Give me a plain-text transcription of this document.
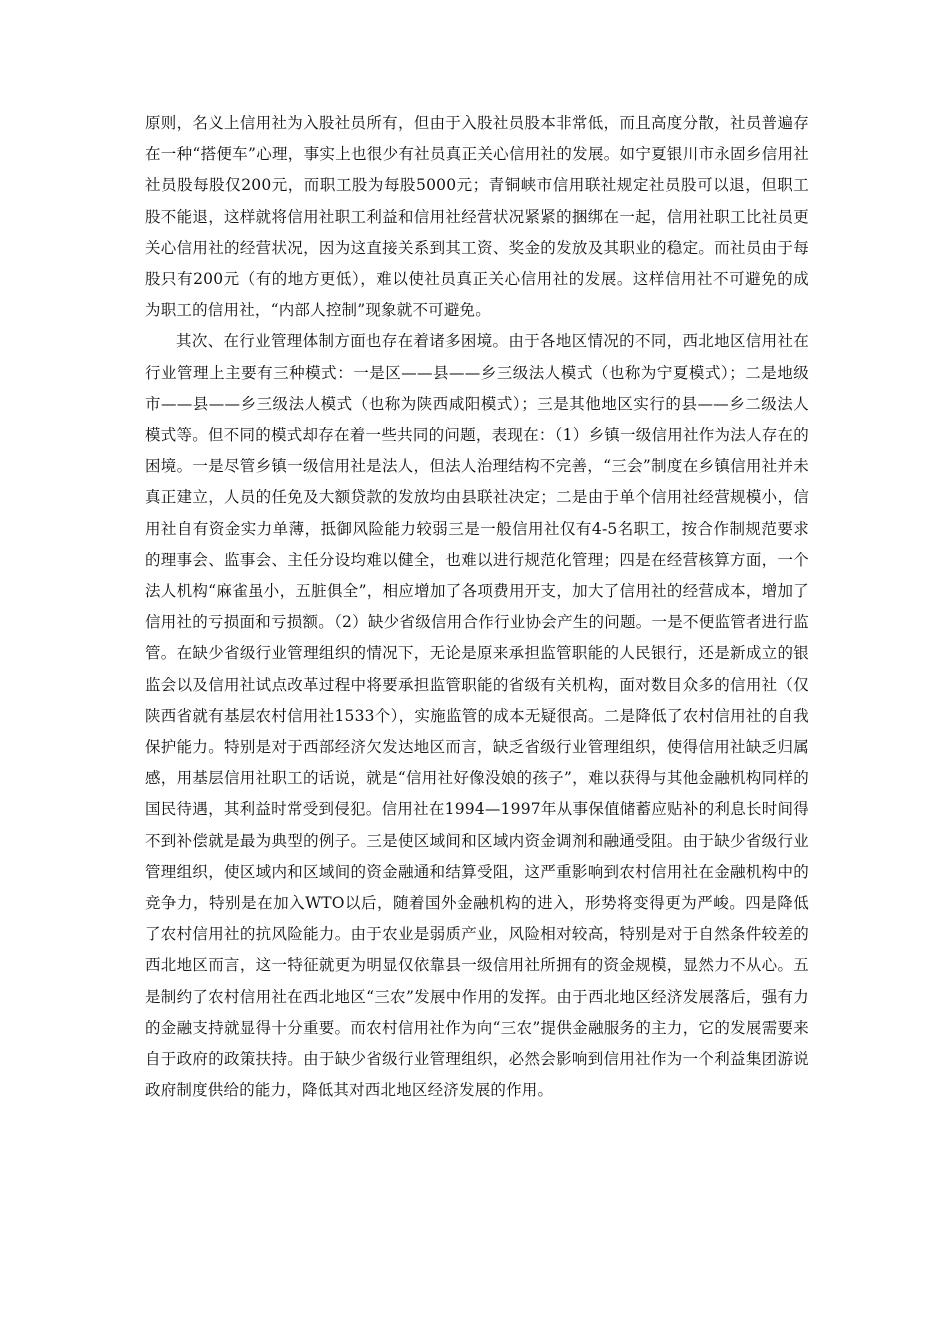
原则，名义上信用社为入股社员所有，但由于入股社员股本非常低，而且高度分散，社员普遍存在一种“搭便车”心理，事实上也很少有社员真正关心信用社的发展。如宁夏银川市永固乡信用社社员股每股仅200元，而职工股为每股5000元；青铜峡市信用联社规定社员股可以退，但职工股不能退，这样就将信用社职工利益和信用社经营状况紧紧的捆绑在一起，信用社职工比社员更关心信用社的经营状况，因为这直接关系到其工资、奖金的发放及其职业的稳定。而社员由于每股只有200元（有的地方更低），难以使社员真正关心信用社的发展。这样信用社不可避免的成为职工的信用社，“内部人控制”现象就不可避免。

其次、在行业管理体制方面也存在着诸多困境。由于各地区情况的不同，西北地区信用社在行业管理上主要有三种模式：一是区——县——乡三级法人模式（也称为宁夏模式）；二是地级市——县——乡三级法人模式（也称为陕西咸阳模式）；三是其他地区实行的县——乡二级法人模式等。但不同的模式却存在着一些共同的问题，表现在：（1）乡镇一级信用社作为法人存在的困境。一是尽管乡镇一级信用社是法人，但法人治理结构不完善，“三会”制度在乡镇信用社并未真正建立，人员的任免及大额贷款的发放均由县联社决定；二是由于单个信用社经营规模小，信用社自有资金实力单薄，抵御风险能力较弱三是一般信用社仅有4-5名职工，按合作制规范要求的理事会、监事会、主任分设均难以健全，也难以进行规范化管理；四是在经营核算方面，一个法人机构“麻雀虽小，五脏俱全”，相应增加了各项费用开支，加大了信用社的经营成本，增加了信用社的亏损面和亏损额。（2）缺少省级信用合作行业协会产生的问题。一是不便监管者进行监管。在缺少省级行业管理组织的情况下，无论是原来承担监管职能的人民银行，还是新成立的银监会以及信用社试点改革过程中将要承担监管职能的省级有关机构，面对数目众多的信用社（仅陕西省就有基层农村信用社1533个），实施监管的成本无疑很高。二是降低了农村信用社的自我保护能力。特别是对于西部经济欠发达地区而言，缺乏省级行业管理组织，使得信用社缺乏归属感，用基层信用社职工的话说，就是“信用社好像没娘的孩子”，难以获得与其他金融机构同样的国民待遇，其利益时常受到侵犯。信用社在1994—1997年从事保值储蓄应贴补的利息长时间得不到补偿就是最为典型的例子。三是使区域间和区域内资金调剂和融通受阻。由于缺少省级行业管理组织，使区域内和区域间的资金融通和结算受阻，这严重影响到农村信用社在金融机构中的竞争力，特别是在加入WTO以后，随着国外金融机构的进入，形势将变得更为严峻。四是降低了农村信用社的抗风险能力。由于农业是弱质产业，风险相对较高，特别是对于自然条件较差的西北地区而言，这一特征就更为明显仅依靠县一级信用社所拥有的资金规模，显然力不从心。五是制约了农村信用社在西北地区“三农”发展中作用的发挥。由于西北地区经济发展落后，强有力的金融支持就显得十分重要。而农村信用社作为向“三农”提供金融服务的主力，它的发展需要来自于政府的政策扶持。由于缺少省级行业管理组织，必然会影响到信用社作为一个利益集团游说政府制度供给的能力，降低其对西北地区经济发展的作用。
